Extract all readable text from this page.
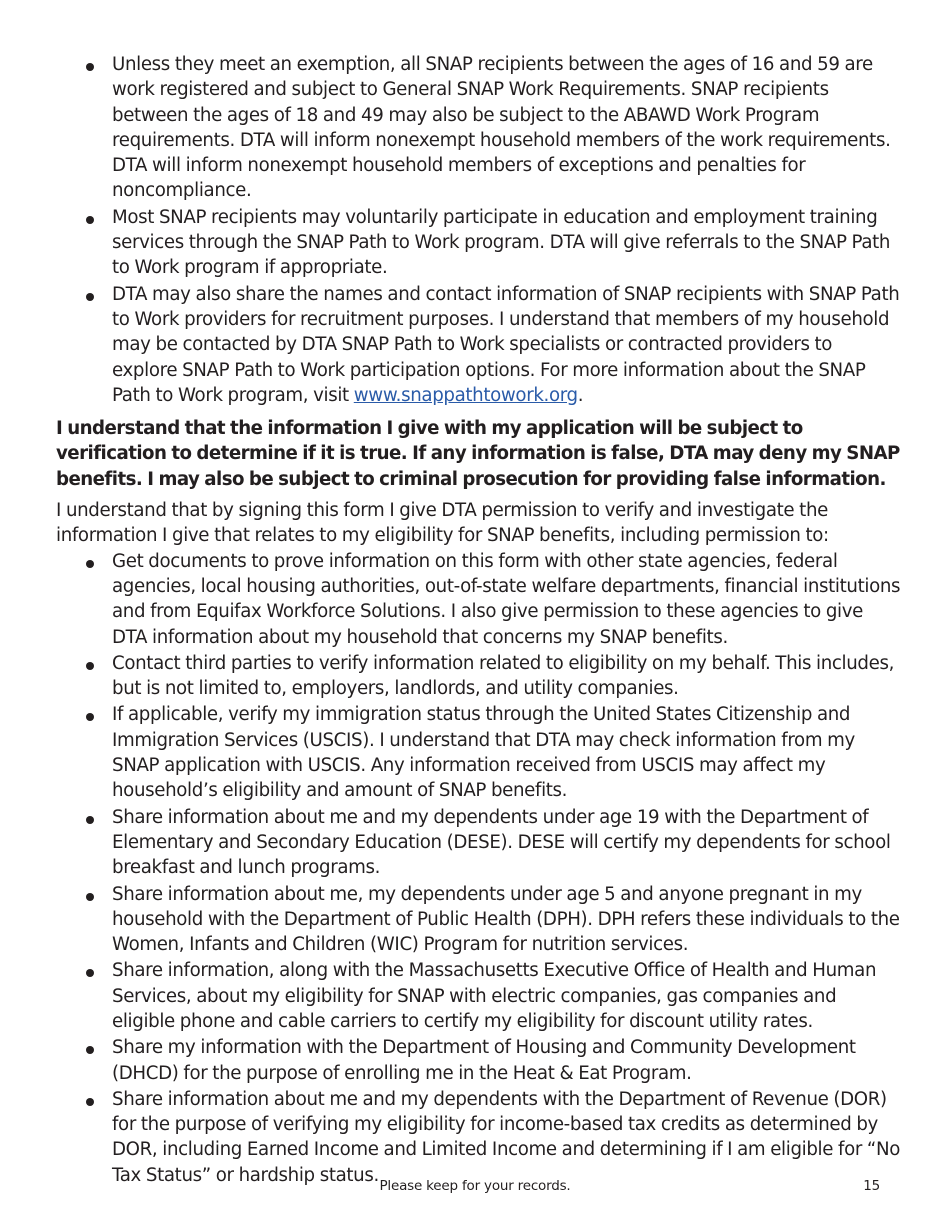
Unless they meet an exemption, all SNAP recipients between the ages of 16 and 59 are work registered and subject to General SNAP Work Requirements. SNAP recipients between the ages of 18 and 49 may also be subject to the ABAWD Work Program requirements. DTA will inform nonexempt household members of the work requirements. DTA will inform nonexempt household members of exceptions and penalties for noncompliance.
Most SNAP recipients may voluntarily participate in education and employment training services through the SNAP Path to Work program. DTA will give referrals to the SNAP Path to Work program if appropriate.
DTA may also share the names and contact information of SNAP recipients with SNAP Path to Work providers for recruitment purposes. I understand that members of my household may be contacted by DTA SNAP Path to Work specialists or contracted providers to explore SNAP Path to Work participation options. For more information about the SNAP Path to Work program, visit www.snappathtowork.org.

I understand that the information I give with my application will be subject to verification to determine if it is true. If any information is false, DTA may deny my SNAP benefits. I may also be subject to criminal prosecution for providing false information.

I understand that by signing this form I give DTA permission to verify and investigate the information I give that relates to my eligibility for SNAP benefits, including permission to:

Get documents to prove information on this form with other state agencies, federal agencies, local housing authorities, out-of-state welfare departments, financial institutions and from Equifax Workforce Solutions. I also give permission to these agencies to give DTA information about my household that concerns my SNAP benefits.
Contact third parties to verify information related to eligibility on my behalf. This includes, but is not limited to, employers, landlords, and utility companies.
If applicable, verify my immigration status through the United States Citizenship and Immigration Services (USCIS). I understand that DTA may check information from my SNAP application with USCIS. Any information received from USCIS may affect my household’s eligibility and amount of SNAP benefits.
Share information about me and my dependents under age 19 with the Department of Elementary and Secondary Education (DESE). DESE will certify my dependents for school breakfast and lunch programs.
Share information about me, my dependents under age 5 and anyone pregnant in my household with the Department of Public Health (DPH). DPH refers these individuals to the Women, Infants and Children (WIC) Program for nutrition services.
Share information, along with the Massachusetts Executive Office of Health and Human Services, about my eligibility for SNAP with electric companies, gas companies and eligible phone and cable carriers to certify my eligibility for discount utility rates.
Share my information with the Department of Housing and Community Development (DHCD) for the purpose of enrolling me in the Heat & Eat Program.
Share information about me and my dependents with the Department of Revenue (DOR) for the purpose of verifying my eligibility for income-based tax credits as determined by DOR, including Earned Income and Limited Income and determining if I am eligible for “No Tax Status” or hardship status.
Please keep for your records.	15
